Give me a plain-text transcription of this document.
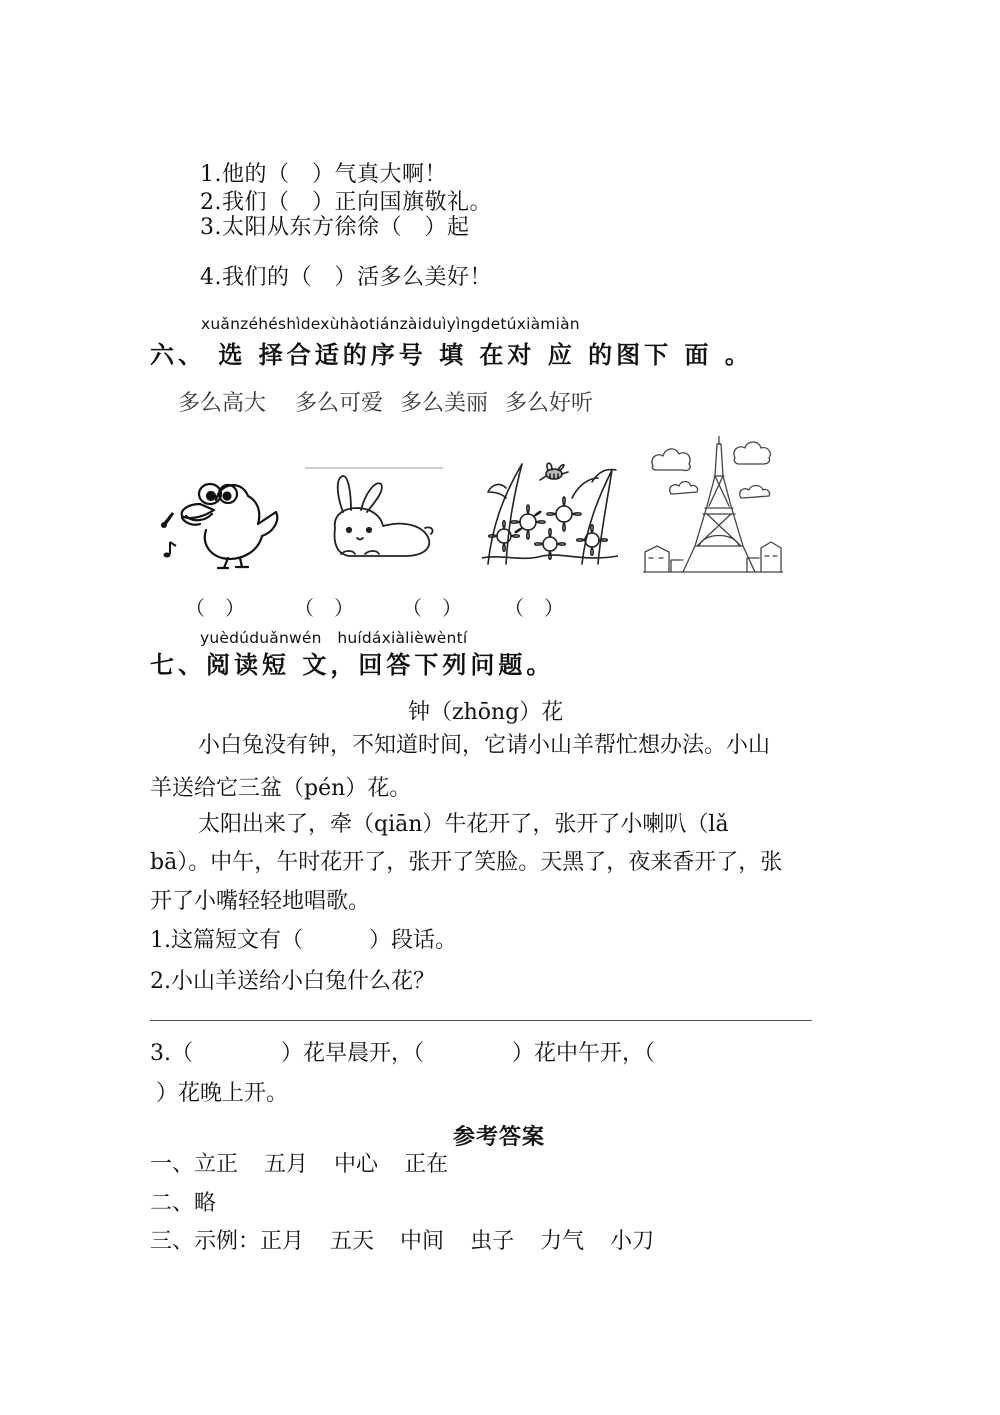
1.他的（　）气真大啊！
2.我们（　）正向国旗敬礼。
3.太阳从东方徐徐（　）起
4.我们的（　）活多么美好！
xuǎnzéhéshìdexùhàotiánzàiduìyìngdetúxiàmiàn
六、 选 择合适的序号 填 在对 应 的图下 面 。
多么高大 多么可爱 多么美丽 多么好听
（　） （　） （　） （　）
yuèdúduǎnwén　huídáxiàlièwèntí
七、阅读短 文，回答下列问题。
钟（zhōng）花
小白兔没有钟，不知道时间，它请小山羊帮忙想办法。小山
羊送给它三盆（pén）花。
太阳出来了，牵（qiān）牛花开了，张开了小喇叭（lǎ
bā）。中午，午时花开了，张开了笑脸。天黑了，夜来香开了，张
开了小嘴轻轻地唱歌。
1.这篇短文有（　　　）段话。
2.小山羊送给小白兔什么花？
3.（　　　　）花早晨开，（　　　　）花中午开，（
）花晚上开。
参考答案
一、立正 五月 中心 正在
二、略
三、示例：正月 五天 中间 虫子 力气 小刀
